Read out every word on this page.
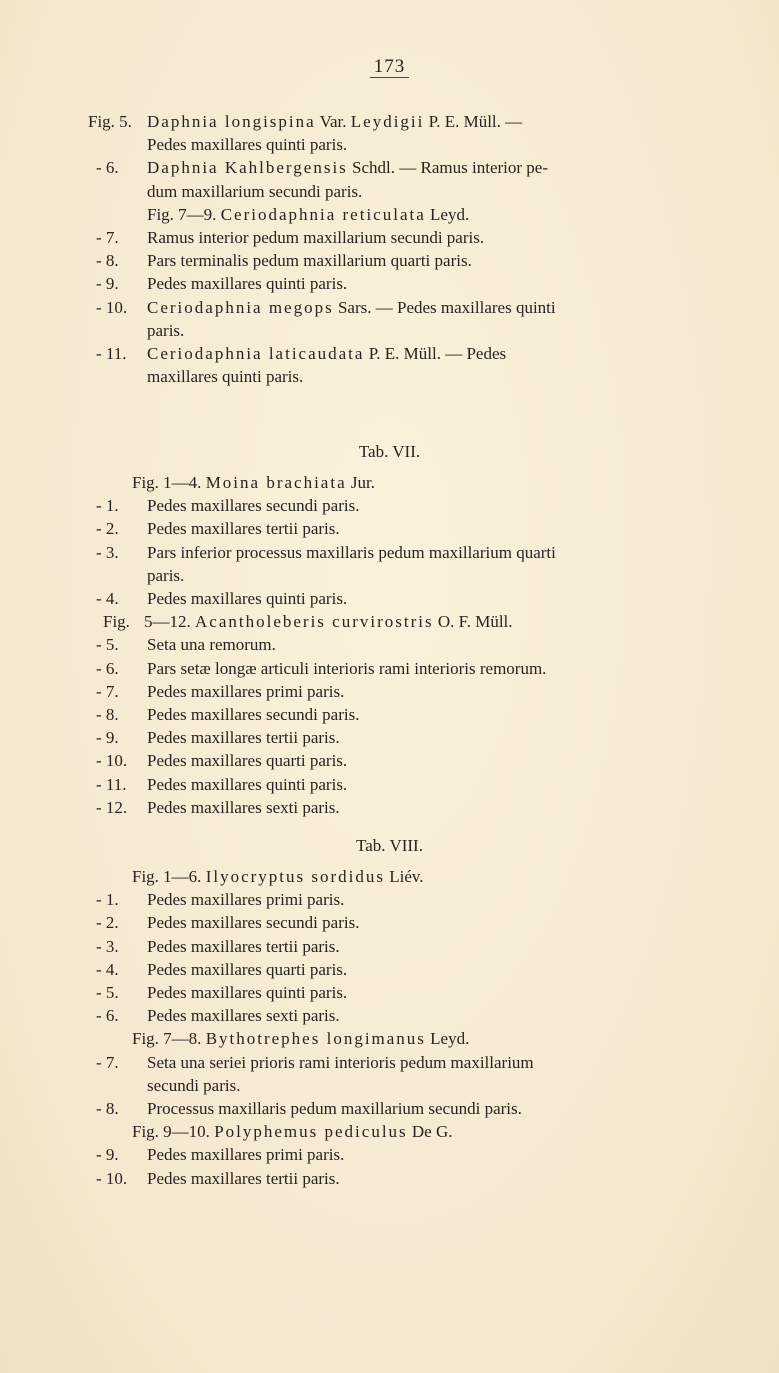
173
Fig. 5. Daphnia longispina Var. Leydigii P. E. Müll. —
Pedes maxillares quinti paris.
- 6.	Daphnia Kahlbergensis Schdl. — Ramus interior pe-
dum maxillarium secundi paris.
Fig. 7—9. Ceriodaphnia reticulata Leyd.
- 7.	Ramus interior pedum maxillarium secundi paris.
- 8.	Pars terminalis pedum maxillarium quarti paris.
- 9.	Pedes maxillares quinti paris.
- 10.	Ceriodaphnia megops Sars. — Pedes maxillares quinti
paris.
- 11.	Ceriodaphnia laticaudata P. E. Müll. — Pedes
maxillares quinti paris.
Tab. VII.
Fig. 1—4. Moina brachiata Jur.
- 1.	Pedes maxillares secundi paris.
- 2.	Pedes maxillares tertii paris.
- 3.	Pars inferior processus maxillaris pedum maxillarium quarti
paris.
- 4.	Pedes maxillares quinti paris.
Fig. 5—12. Acantholeberis curvirostris O. F. Müll.
- 5.	Seta una remorum.
- 6.	Pars setæ longæ articuli interioris rami interioris remorum.
- 7.	Pedes maxillares primi paris.
- 8.	Pedes maxillares secundi paris.
- 9.	Pedes maxillares tertii paris.
- 10.	Pedes maxillares quarti paris.
- 11.	Pedes maxillares quinti paris.
- 12.	Pedes maxillares sexti paris.
Tab. VIII.
Fig. 1—6. Ilyocryptus sordidus Liév.
- 1.	Pedes maxillares primi paris.
- 2.	Pedes maxillares secundi paris.
- 3.	Pedes maxillares tertii paris.
- 4.	Pedes maxillares quarti paris.
- 5.	Pedes maxillares quinti paris.
- 6.	Pedes maxillares sexti paris.
Fig. 7—8. Bythotrephes longimanus Leyd.
- 7.	Seta una seriei prioris rami interioris pedum maxillarium
secundi paris.
- 8.	Processus maxillaris pedum maxillarium secundi paris.
Fig. 9—10. Polyphemus pediculus De G.
- 9.	Pedes maxillares primi paris.
- 10.	Pedes maxillares tertii paris.
